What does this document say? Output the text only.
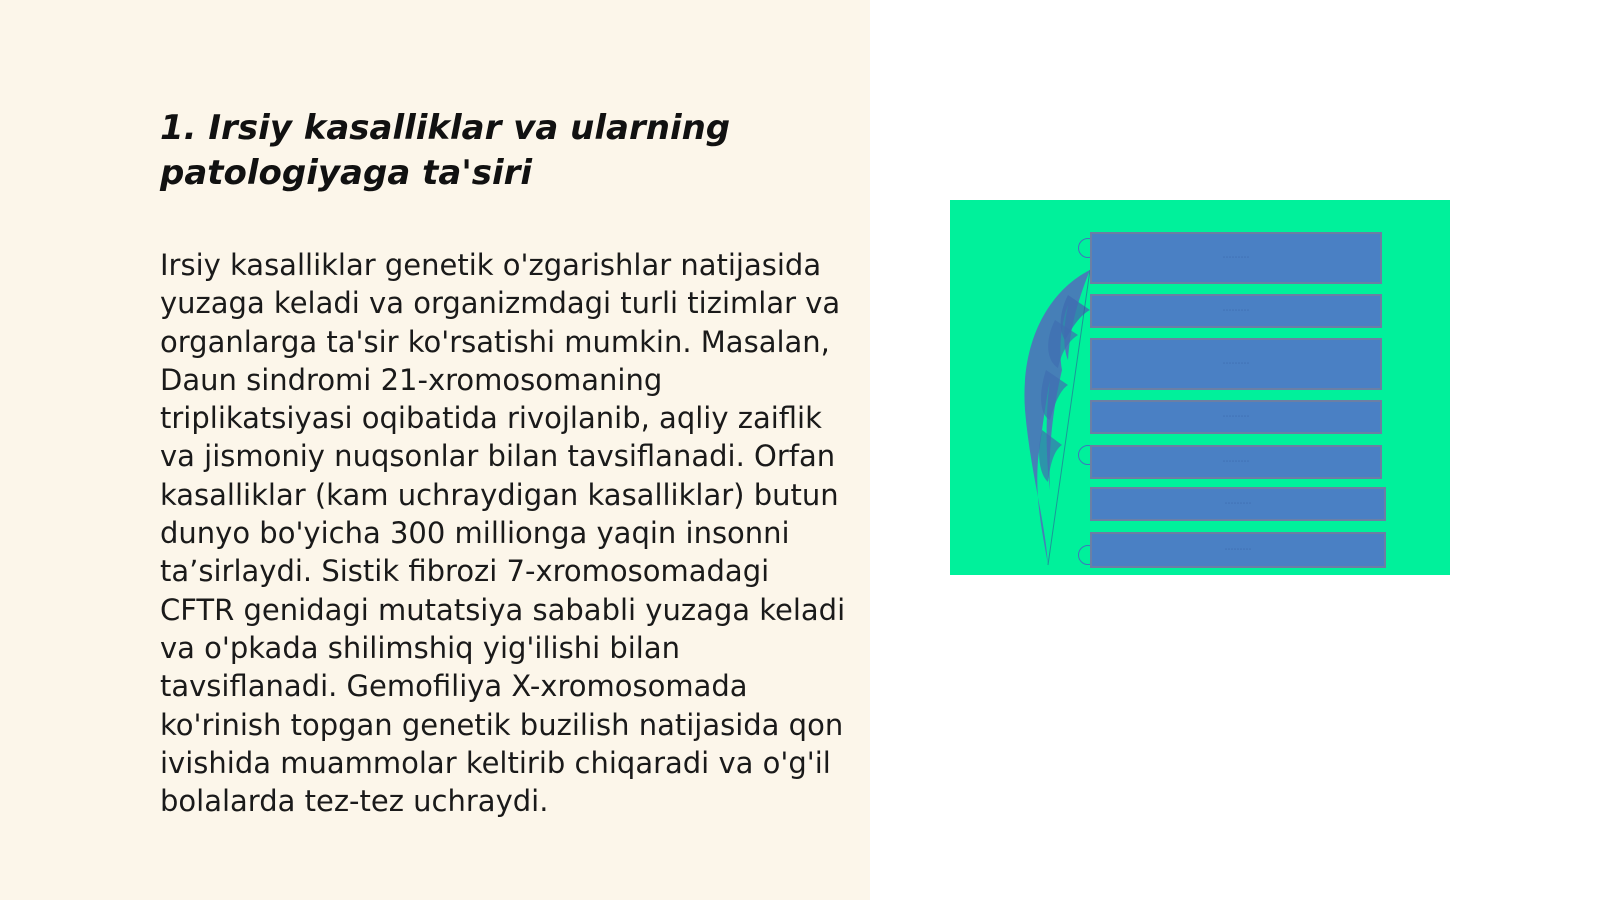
1. Irsiy kasalliklar va ularning patologiyaga ta'siri

Irsiy kasalliklar genetik o'zgarishlar natijasida yuzaga keladi va organizmdagi turli tizimlar va organlarga ta'sir ko'rsatishi mumkin. Masalan, Daun sindromi 21-xromosomaning triplikatsiyasi oqibatida rivojlanib, aqliy zaiflik va jismoniy nuqsonlar bilan tavsiflanadi. Orfan kasalliklar (kam uchraydigan kasalliklar) butun dunyo bo'yicha 300 millionga yaqin insonni ta’sirlaydi. Sistik fibrozi 7-xromosomadagi CFTR genidagi mutatsiya sababli yuzaga keladi va o'pkada shilimshiq yig'ilishi bilan tavsiflanadi. Gemofiliya X-xromosomada ko'rinish topgan genetik buzilish natijasida qon ivishida muammolar keltirib chiqaradi va o'g'il bolalarda tez-tez uchraydi.

⋯⋯⋯
⋯⋯⋯
⋯⋯⋯
⋯⋯⋯
⋯⋯⋯
⋯⋯⋯
⋯⋯⋯
